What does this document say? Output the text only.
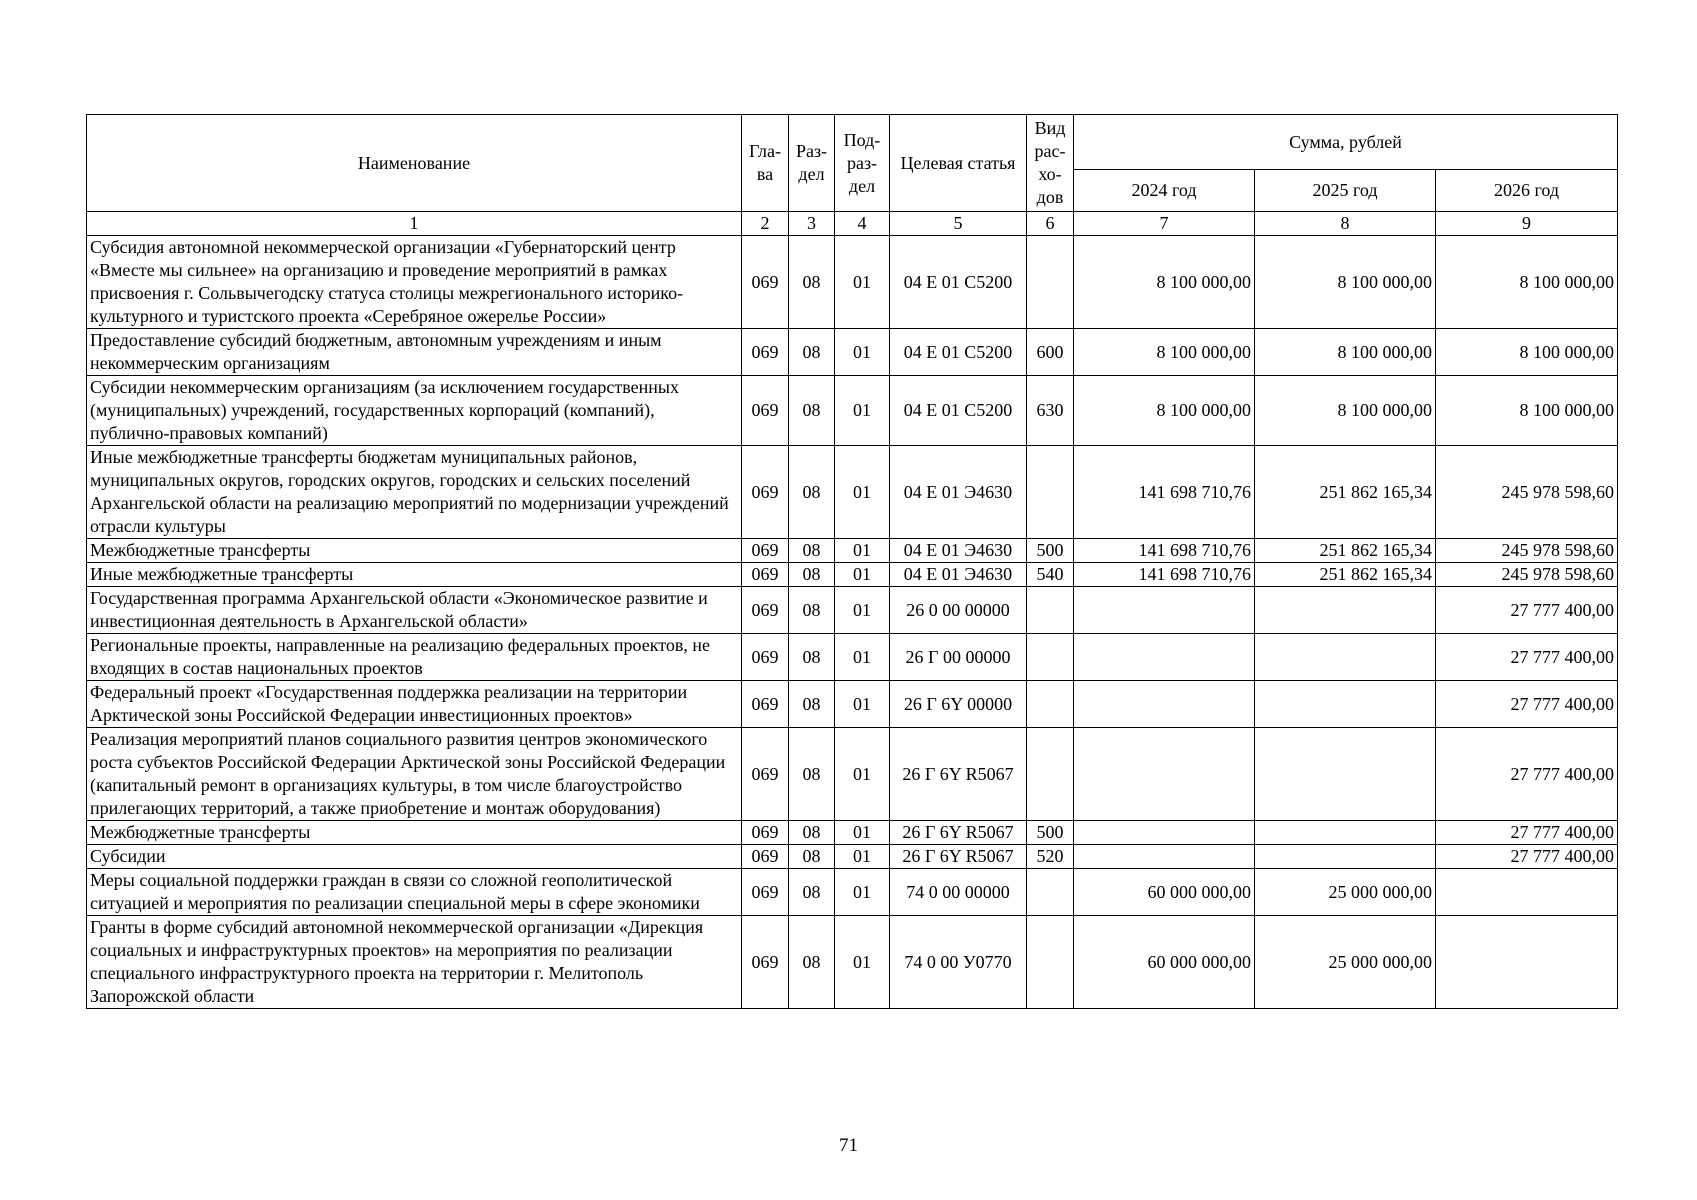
Наименование	Гла-ва	Раз-дел	Под-раз-дел	Целевая статья	Вид рас-хо-дов	Сумма, рублей		
						2024 год	2025 год	2026 год
1	2	3	4	5	6	7	8	9
Субсидия автономной некоммерческой организации «Губернаторский центр «Вместе мы сильнее» на организацию и проведение мероприятий в рамках присвоения г. Сольвычегодску статуса столицы межрегионального историко-культурного и туристского проекта «Серебряное ожерелье России»	069	08	01	04 Е 01 С5200		8 100 000,00	8 100 000,00	8 100 000,00
Предоставление субсидий бюджетным, автономным учреждениям и иным некоммерческим организациям	069	08	01	04 Е 01 С5200	600	8 100 000,00	8 100 000,00	8 100 000,00
Субсидии некоммерческим организациям (за исключением государственных (муниципальных) учреждений, государственных корпораций (компаний), публично-правовых компаний)	069	08	01	04 Е 01 С5200	630	8 100 000,00	8 100 000,00	8 100 000,00
Иные межбюджетные трансферты бюджетам муниципальных районов, муниципальных округов, городских округов, городских и сельских поселений Архангельской области на реализацию мероприятий по модернизации учреждений отрасли культуры	069	08	01	04 Е 01 Э4630		141 698 710,76	251 862 165,34	245 978 598,60
Межбюджетные трансферты	069	08	01	04 Е 01 Э4630	500	141 698 710,76	251 862 165,34	245 978 598,60
Иные межбюджетные трансферты	069	08	01	04 Е 01 Э4630	540	141 698 710,76	251 862 165,34	245 978 598,60
Государственная программа Архангельской области «Экономическое развитие и инвестиционная деятельность в Архангельской области»	069	08	01	26 0 00 00000				27 777 400,00
Региональные проекты, направленные на реализацию федеральных проектов, не входящих в состав национальных проектов	069	08	01	26 Г 00 00000				27 777 400,00
Федеральный проект «Государственная поддержка реализации на территории Арктической зоны Российской Федерации инвестиционных проектов»	069	08	01	26 Г 6Y 00000				27 777 400,00
Реализация мероприятий планов социального развития центров экономического роста субъектов Российской Федерации Арктической зоны Российской Федерации (капитальный ремонт в организациях культуры, в том числе благоустройство прилегающих территорий, а также приобретение и монтаж оборудования)	069	08	01	26 Г 6Y R5067				27 777 400,00
Межбюджетные трансферты	069	08	01	26 Г 6Y R5067	500			27 777 400,00
Субсидии	069	08	01	26 Г 6Y R5067	520			27 777 400,00
Меры социальной поддержки граждан в связи со сложной геополитической ситуацией и мероприятия по реализации специальной меры в сфере экономики	069	08	01	74 0 00 00000		60 000 000,00	25 000 000,00	
Гранты в форме субсидий автономной некоммерческой организации «Дирекция социальных и инфраструктурных проектов» на мероприятия по реализации специального инфраструктурного проекта на территории г. Мелитополь Запорожской области	069	08	01	74 0 00 У0770		60 000 000,00	25 000 000,00	
71
